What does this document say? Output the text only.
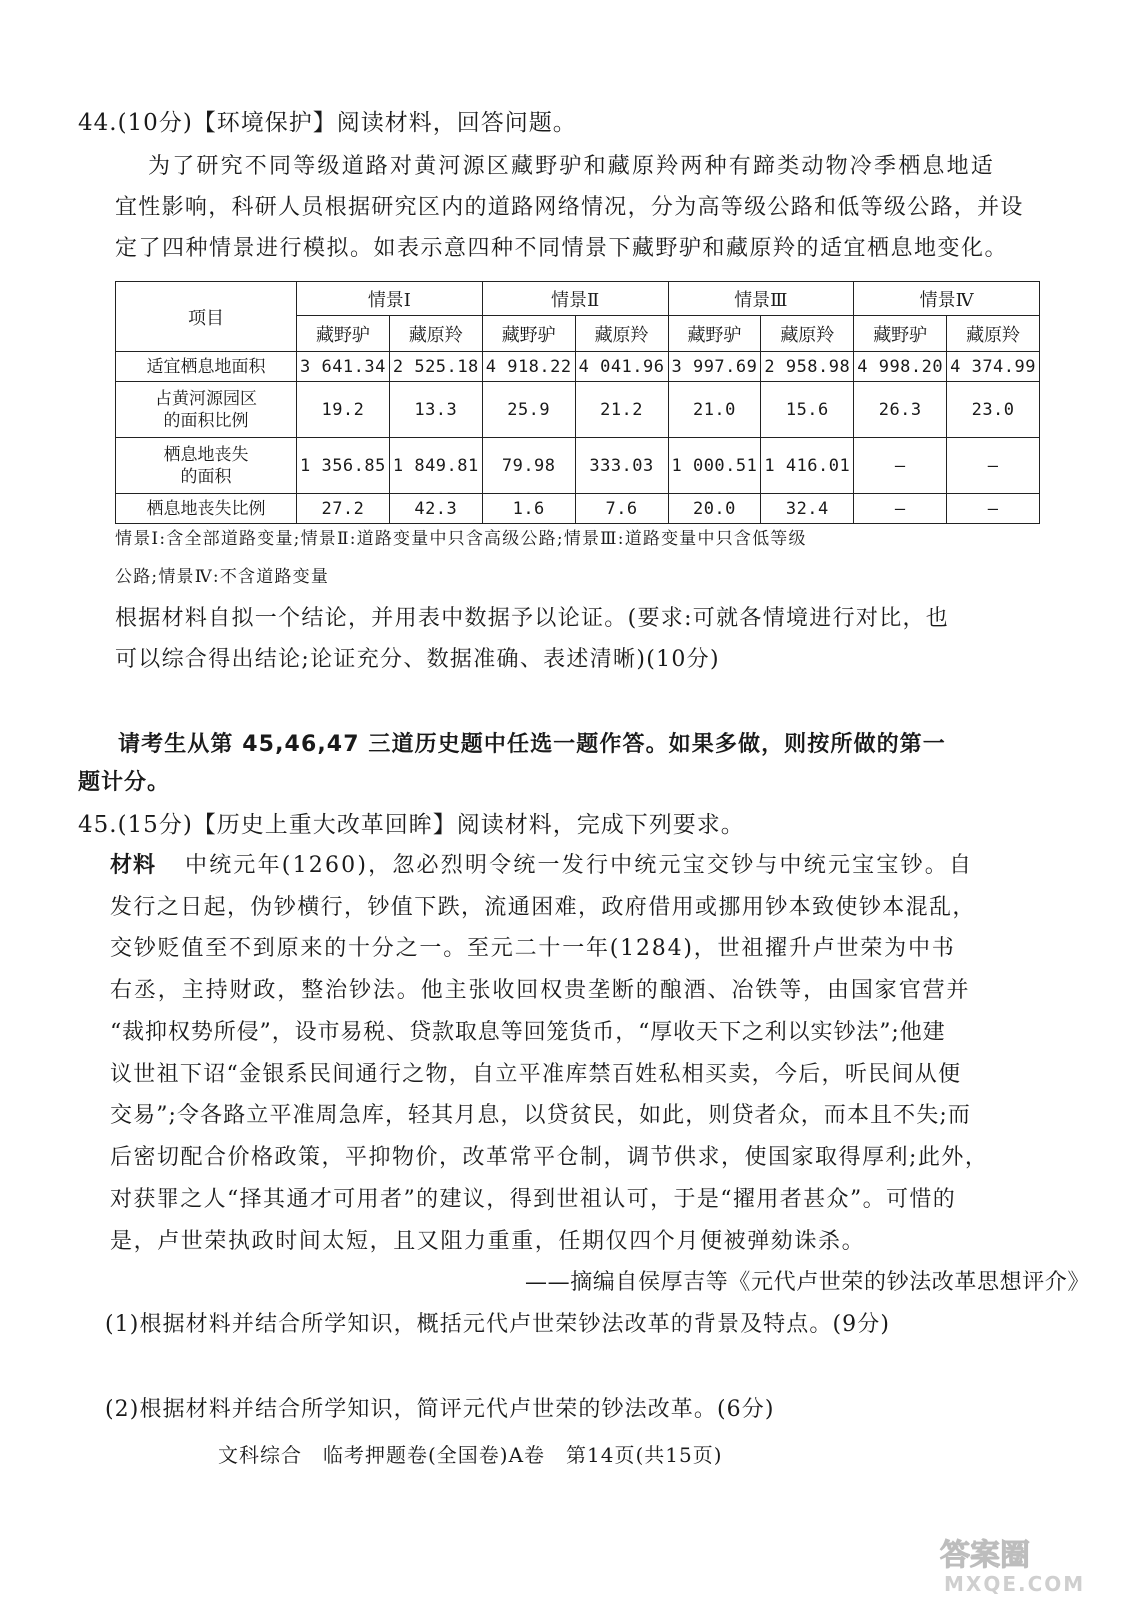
44.(10分)【环境保护】阅读材料，回答问题。
为了研究不同等级道路对黄河源区藏野驴和藏原羚两种有蹄类动物冷季栖息地适
宜性影响，科研人员根据研究区内的道路网络情况，分为高等级公路和低等级公路，并设
定了四种情景进行模拟。如表示意四种不同情景下藏野驴和藏原羚的适宜栖息地变化。
项目	情景Ⅰ		情景Ⅱ		情景Ⅲ		情景Ⅳ	
	藏野驴	藏原羚	藏野驴	藏原羚	藏野驴	藏原羚	藏野驴	藏原羚
适宜栖息地面积	3 641.34	2 525.18	4 918.22	4 041.96	3 997.69	2 958.98	4 998.20	4 374.99
占黄河源园区
的面积比例	19.2	13.3	25.9	21.2	21.0	15.6	26.3	23.0
栖息地丧失
的面积	1 356.85	1 849.81	79.98	333.03	1 000.51	1 416.01	—	—
栖息地丧失比例	27.2	42.3	1.6	7.6	20.0	32.4	—	—
情景Ⅰ:含全部道路变量;情景Ⅱ:道路变量中只含高级公路;情景Ⅲ:道路变量中只含低等级
公路;情景Ⅳ:不含道路变量
根据材料自拟一个结论，并用表中数据予以论证。(要求:可就各情境进行对比，也
可以综合得出结论;论证充分、数据准确、表述清晰)(10分)
请考生从第 45,46,47 三道历史题中任选一题作答。如果多做，则按所做的第一
题计分。
45.(15分)【历史上重大改革回眸】阅读材料，完成下列要求。
材料 中统元年(1260)，忽必烈明令统一发行中统元宝交钞与中统元宝宝钞。自
发行之日起，伪钞横行，钞值下跌，流通困难，政府借用或挪用钞本致使钞本混乱，
交钞贬值至不到原来的十分之一。至元二十一年(1284)，世祖擢升卢世荣为中书
右丞，主持财政，整治钞法。他主张收回权贵垄断的酿酒、冶铁等，由国家官营并
“裁抑权势所侵”，设市易税、贷款取息等回笼货币，“厚收天下之利以实钞法”;他建
议世祖下诏“金银系民间通行之物，自立平准库禁百姓私相买卖，今后，听民间从便
交易”;令各路立平准周急库，轻其月息，以贷贫民，如此，则贷者众，而本且不失;而
后密切配合价格政策，平抑物价，改革常平仓制，调节供求，使国家取得厚利;此外，
对获罪之人“择其通才可用者”的建议，得到世祖认可，于是“擢用者甚众”。可惜的
是，卢世荣执政时间太短，且又阻力重重，任期仅四个月便被弹劾诛杀。
——摘编自侯厚吉等《元代卢世荣的钞法改革思想评介》
(1)根据材料并结合所学知识，概括元代卢世荣钞法改革的背景及特点。(9分)
(2)根据材料并结合所学知识，简评元代卢世荣的钞法改革。(6分)
文科综合　临考押题卷(全国卷)A卷　第14页(共15页)
答案圈
MXQE.COM
